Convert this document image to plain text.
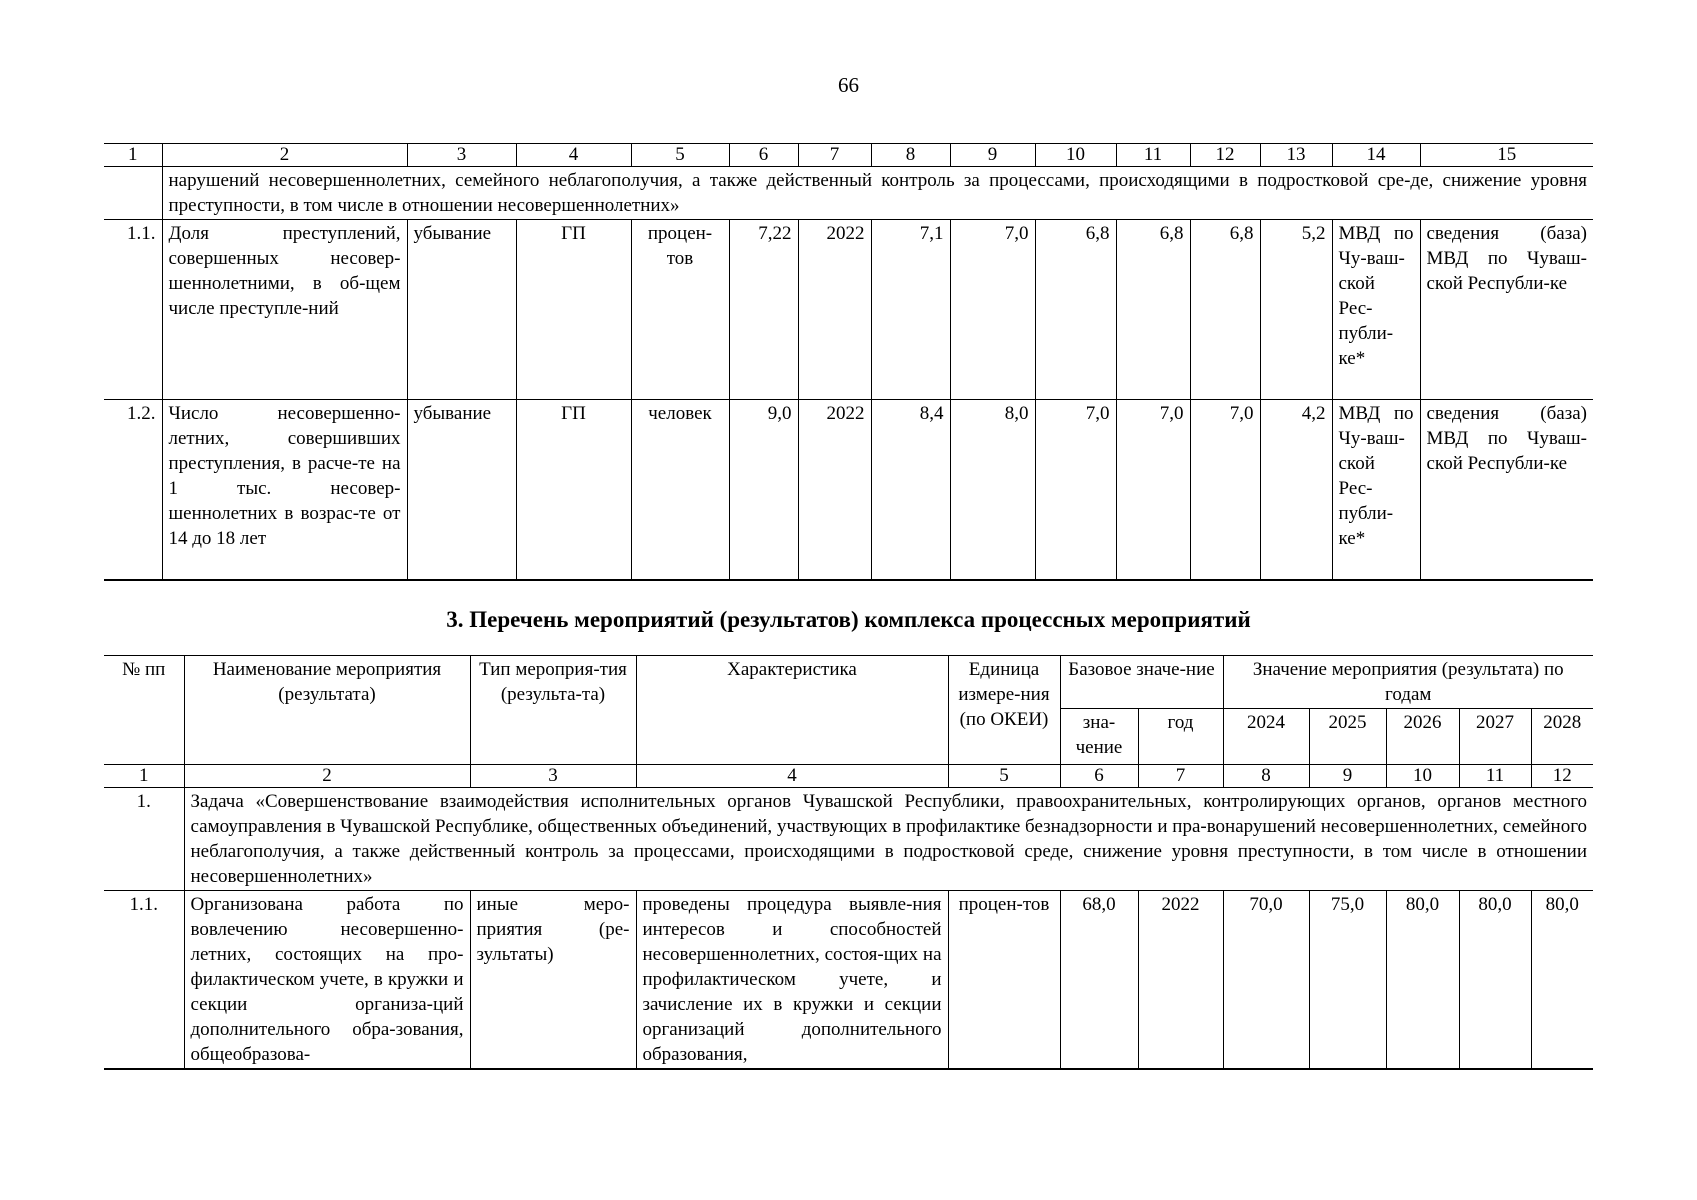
66
1	2	3	4	5	6	7	8	9	10	11	12	13	14	15
	нарушений несовершеннолетних, семейного неблагополучия, а также действенный контроль за процессами, происходящими в подростковой сре-де, снижение уровня преступности, в том числе в отношении несовершеннолетних»													
1.1.	Доля преступлений, совершенных несовер-шеннолетними, в об-щем числе преступле-ний	убывание	ГП	процен-тов	7,22	2022	7,1	7,0	6,8	6,8	6,8	5,2	МВД по Чу-ваш-ской Рес-публи-ке*	сведения (база) МВД по Чуваш-ской Республи-ке
1.2.	Число несовершенно-летних, совершивших преступления, в расче-те на 1 тыс. несовер-шеннолетних в возрас-те от 14 до 18 лет	убывание	ГП	человек	9,0	2022	8,4	8,0	7,0	7,0	7,0	4,2	МВД по Чу-ваш-ской Рес-публи-ке*	сведения (база) МВД по Чуваш-ской Республи-ке
3. Перечень мероприятий (результатов) комплекса процессных мероприятий
№ пп	Наименование мероприятия (результата)	Тип мероприя-тия (результа-та)	Характеристика	Единица измере-ния (по ОКЕИ)	Базовое значе-ние		Значение мероприятия (результата) по годам				
					зна-чение	год	2024	2025	2026	2027	2028
1	2	3	4	5	6	7	8	9	10	11	12
1.	Задача «Совершенствование взаимодействия исполнительных органов Чувашской Республики, правоохранительных, контролирующих органов, органов местного самоуправления в Чувашской Республике, общественных объединений, участвующих в профилактике безнадзорности и пра-вонарушений несовершеннолетних, семейного неблагополучия, а также действенный контроль за процессами, происходящими в подростковой среде, снижение уровня преступности, в том числе в отношении несовершеннолетних»										
1.1.	Организована работа по вовлечению несовершенно-летних, состоящих на про-филактическом учете, в кружки и секции организа-ций дополнительного обра-зования, общеобразова-	иные меро-приятия (ре-зультаты)	проведены процедура выявле-ния интересов и способностей несовершеннолетних, состоя-щих на профилактическом учете, и зачисление их в кружки и секции организаций дополнительного образования,	процен-тов	68,0	2022	70,0	75,0	80,0	80,0	80,0
